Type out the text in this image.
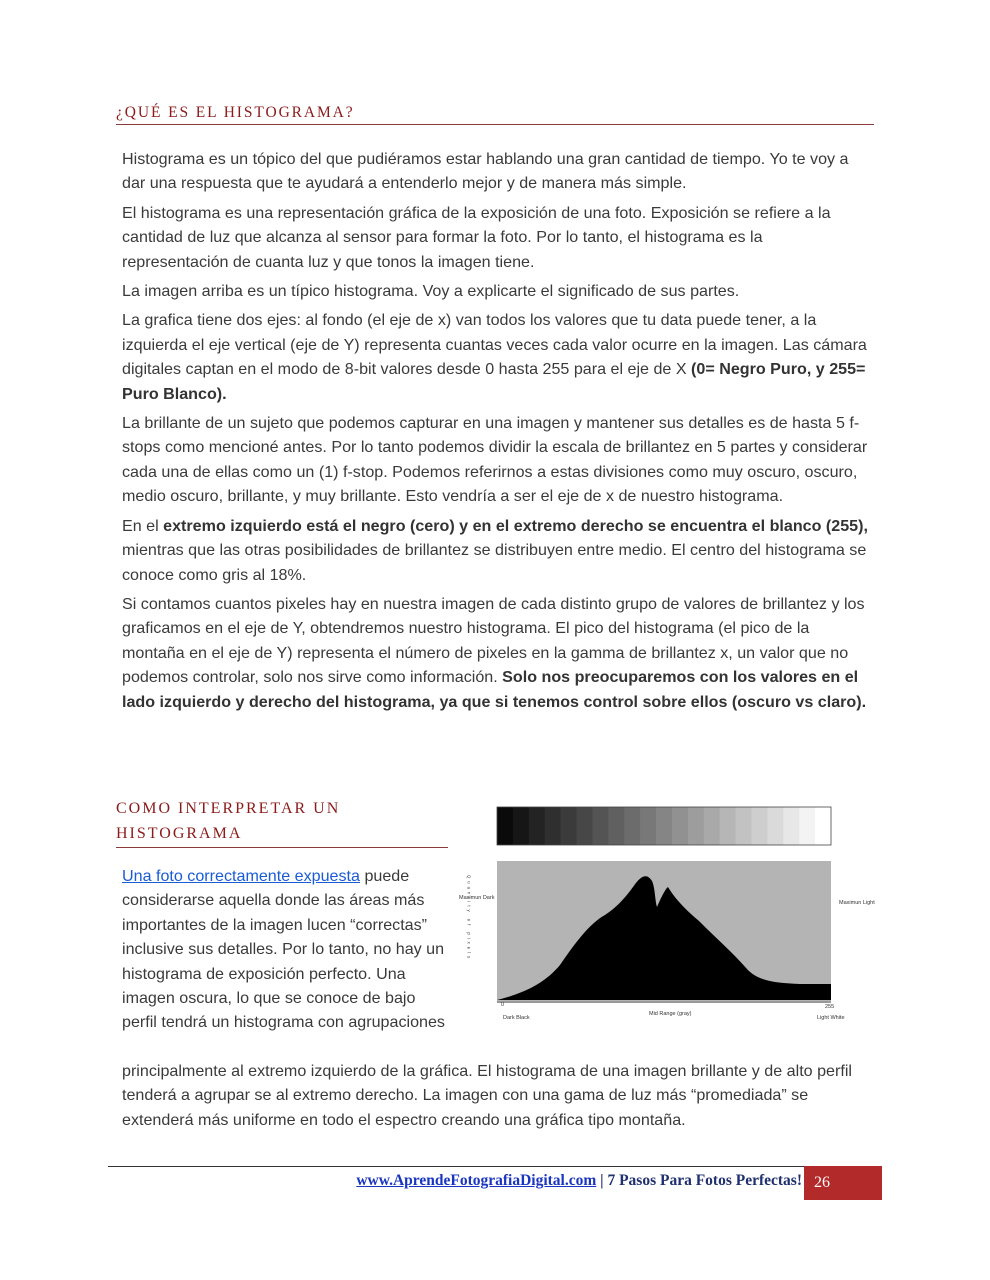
¿QUÉ ES EL HISTOGRAMA?

Histograma es un tópico del que pudiéramos estar hablando una gran cantidad de tiempo. Yo te voy a dar una respuesta que te ayudará a entenderlo mejor y de manera más simple.

El histograma es una representación gráfica de la exposición de una foto. Exposición se refiere a la cantidad de luz que alcanza al sensor para formar la foto. Por lo tanto, el histograma es la representación de cuanta luz y que tonos la imagen tiene.

La imagen arriba es un típico histograma. Voy a explicarte el significado de sus partes.

La grafica tiene dos ejes: al fondo (el eje de x) van todos los valores que tu data puede tener, a la izquierda el eje vertical (eje de Y) representa cuantas veces cada valor ocurre en la imagen. Las cámara digitales captan en el modo de 8-bit valores desde 0 hasta 255 para el eje de X (0= Negro Puro, y 255= Puro Blanco).

La brillante de un sujeto que podemos capturar en una imagen y mantener sus detalles es de hasta 5 f-stops como mencioné antes. Por lo tanto podemos dividir la escala de brillantez en 5 partes y considerar cada una de ellas como un (1) f-stop. Podemos referirnos a estas divisiones como muy oscuro, oscuro, medio oscuro, brillante, y muy brillante. Esto vendría a ser el eje de x de nuestro histograma.

En el extremo izquierdo está el negro (cero) y en el extremo derecho se encuentra el blanco (255), mientras que las otras posibilidades de brillantez se distribuyen entre medio. El centro del histograma se conoce como gris al 18%.

Si contamos cuantos pixeles hay en nuestra imagen de cada distinto grupo de valores de brillantez y los graficamos en el eje de Y, obtendremos nuestro histograma. El pico del histograma (el pico de la montaña en el eje de Y) representa el número de pixeles en la gamma de brillantez x, un valor que no podemos controlar, solo nos sirve como información. Solo nos preocuparemos con los valores en el lado izquierdo y derecho del histograma, ya que si tenemos control sobre ellos (oscuro vs claro).

COMO INTERPRETAR UN HISTOGRAMA
Una foto correctamente expuesta puede considerarse aquella donde las áreas más importantes de la imagen lucen “correctas” inclusive sus detalles. Por lo tanto, no hay un histograma de exposición perfecto. Una imagen oscura, lo que se conoce de bajo perfil tendrá un histograma con agrupaciones
principalmente al extremo izquierdo de la gráfica. El histograma de una imagen brillante y de alto perfil tenderá a agrupar se al extremo derecho. La imagen con una gama de luz más “promediada” se extenderá más uniforme en todo el espectro creando una gráfica tipo montaña.
Quantity of pixels
Maximun Dark
Maximun Light
0	255
Mid Range (gray)
Dark Black	Light White
www.AprendeFotografiaDigital.com | 7 Pasos Para Fotos Perfectas! 26
